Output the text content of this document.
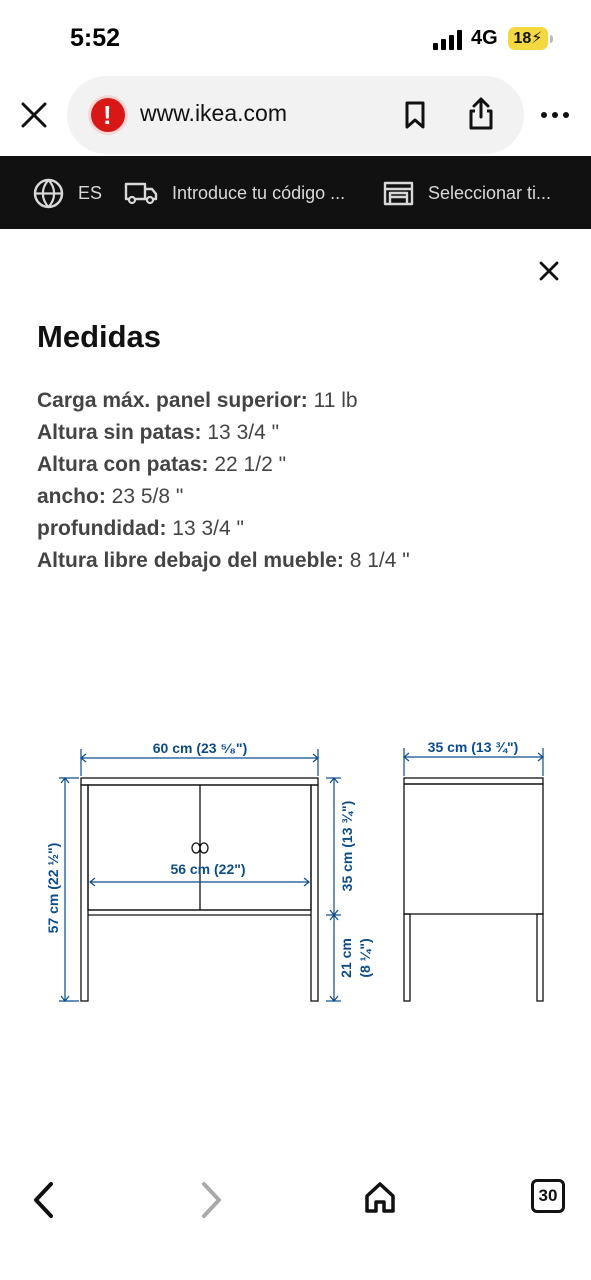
5:52	4G 18⚡
!
www.ikea.com
ES	Introduce tu código ...	Seleccionar ti...
Medidas
Carga máx. panel superior: 11 lb
Altura sin patas: 13 3/4 "
Altura con patas: 22 1/2 "
ancho: 23 5/8 "
profundidad: 13 3/4 "
Altura libre debajo del mueble: 8 1/4 "
60 cm (23 ⁵⁄₈")
56 cm (22")
57 cm (22 ½")	35 cm (13 ¾")
21 cm (8 ¼")
35 cm (13 ¾")
30
